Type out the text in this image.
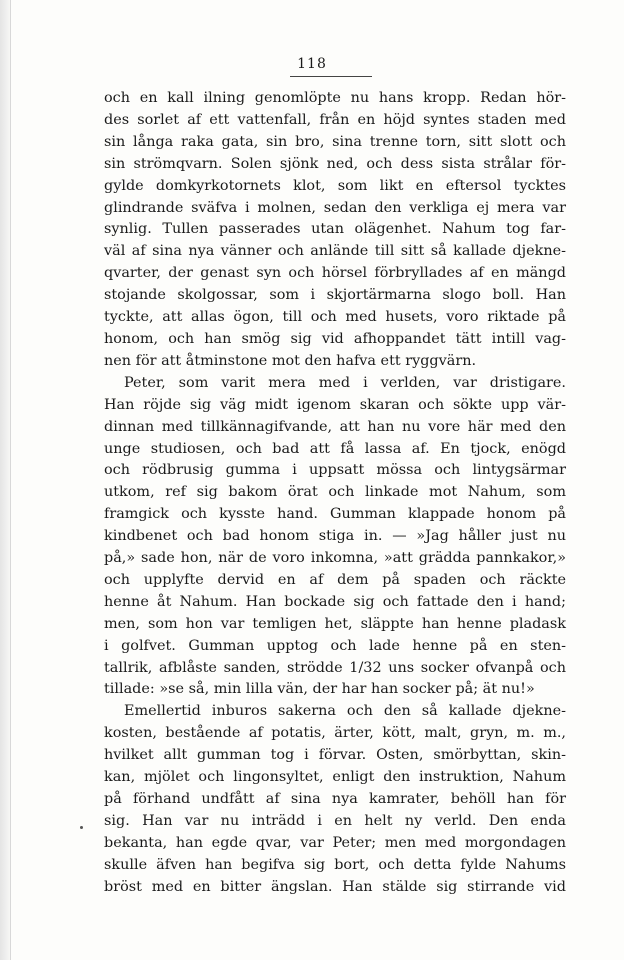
118
och en kall ilning genomlöpte nu hans kropp. Redan hör-
des sorlet af ett vattenfall, från en höjd syntes staden med
sin långa raka gata, sin bro, sina trenne torn, sitt slott och
sin strömqvarn. Solen sjönk ned, och dess sista strålar för-
gylde domkyrkotornets klot, som likt en eftersol tycktes
glindrande sväfva i molnen, sedan den verkliga ej mera var
synlig. Tullen passerades utan olägenhet. Nahum tog far-
väl af sina nya vänner och anlände till sitt så kallade djekne-
qvarter, der genast syn och hörsel förbryllades af en mängd
stojande skolgossar, som i skjortärmarna slogo boll. Han
tyckte, att allas ögon, till och med husets, voro riktade på
honom, och han smög sig vid afhoppandet tätt intill vag-
nen för att åtminstone mot den hafva ett ryggvärn.
Peter, som varit mera med i verlden, var dristigare.
Han röjde sig väg midt igenom skaran och sökte upp vär-
dinnan med tillkännagifvande, att han nu vore här med den
unge studiosen, och bad att få lassa af. En tjock, enögd
och rödbrusig gumma i uppsatt mössa och lintygsärmar
utkom, ref sig bakom örat och linkade mot Nahum, som
framgick och kysste hand. Gumman klappade honom på
kindbenet och bad honom stiga in. — »Jag håller just nu
på,» sade hon, när de voro inkomna, »att grädda pannkakor,»
och upplyfte dervid en af dem på spaden och räckte
henne åt Nahum. Han bockade sig och fattade den i hand;
men, som hon var temligen het, släppte han henne pladask
i golfvet. Gumman upptog och lade henne på en sten-
tallrik, afblåste sanden, strödde 1/32 uns socker ofvanpå och
tillade: »se så, min lilla vän, der har han socker på; ät nu!»
Emellertid inburos sakerna och den så kallade djekne-
kosten, bestående af potatis, ärter, kött, malt, gryn, m. m.,
hvilket allt gumman tog i förvar. Osten, smörbyttan, skin-
kan, mjölet och lingonsyltet, enligt den instruktion, Nahum
på förhand undfått af sina nya kamrater, behöll han för
sig. Han var nu inträdd i en helt ny verld. Den enda
bekanta, han egde qvar, var Peter; men med morgondagen
skulle äfven han begifva sig bort, och detta fylde Nahums
bröst med en bitter ängslan. Han stälde sig stirrande vid
